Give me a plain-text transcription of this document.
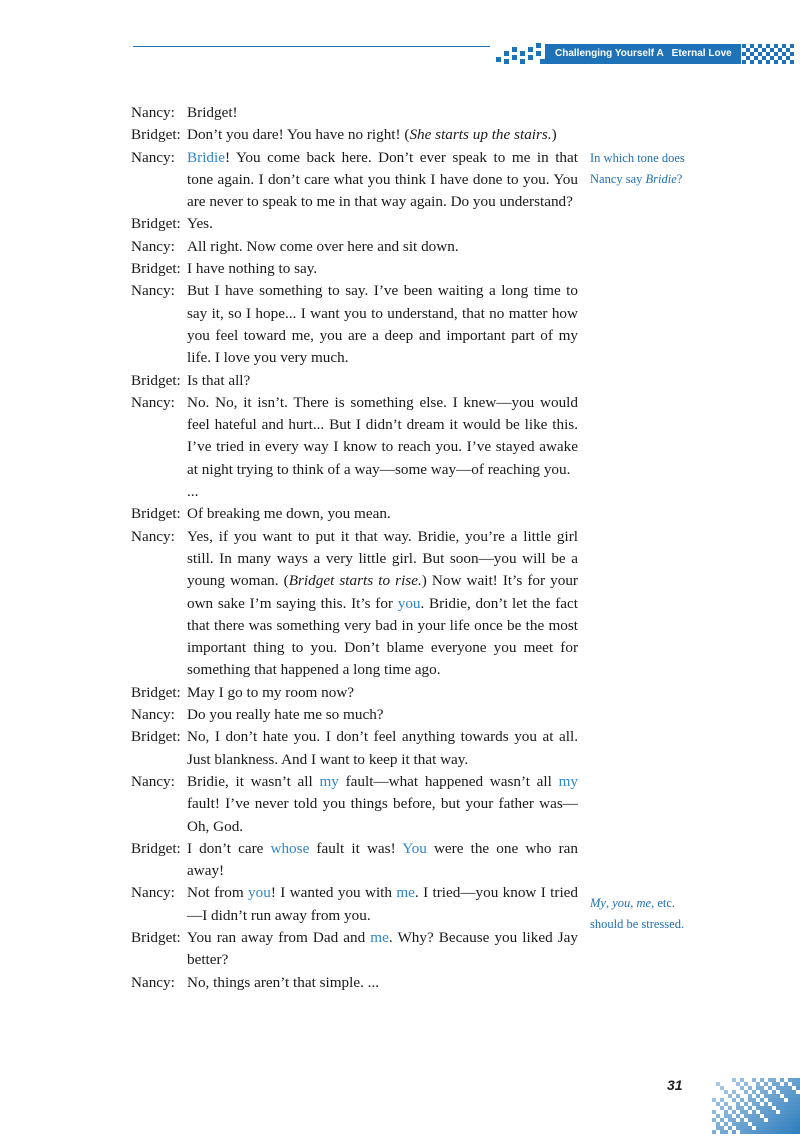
Challenging Yourself A   Eternal Love
Nancy: Bridget!
Bridget: Don’t you dare! You have no right! (She starts up the stairs.)
Nancy: Bridie! You come back here. Don’t ever speak to me in that tone again. I don’t care what you think I have done to you. You are never to speak to me in that way again. Do you understand?
Bridget: Yes.
Nancy: All right. Now come over here and sit down.
Bridget: I have nothing to say.
Nancy: But I have something to say. I’ve been waiting a long time to say it, so I hope... I want you to understand, that no matter how you feel toward me, you are a deep and important part of my life. I love you very much.
Bridget: Is that all?
Nancy: No. No, it isn’t. There is something else. I knew—you would feel hateful and hurt... But I didn’t dream it would be like this. I’ve tried in every way I know to reach you. I’ve stayed awake at night trying to think of a way—some way—of reaching you.
...
Bridget: Of breaking me down, you mean.
Nancy: Yes, if you want to put it that way. Bridie, you’re a little girl still. In many ways a very little girl. But soon—you will be a young woman. (Bridget starts to rise.) Now wait! It’s for your own sake I’m saying this. It’s for you. Bridie, don’t let the fact that there was something very bad in your life once be the most important thing to you. Don’t blame everyone you meet for something that happened a long time ago.
Bridget: May I go to my room now?
Nancy: Do you really hate me so much?
Bridget: No, I don’t hate you. I don’t feel anything towards you at all. Just blankness. And I want to keep it that way.
Nancy: Bridie, it wasn’t all my fault—what happened wasn’t all my fault! I’ve never told you things before, but your father was—Oh, God.
Bridget: I don’t care whose fault it was! You were the one who ran away!
Nancy: Not from you! I wanted you with me. I tried—you know I tried—I didn’t run away from you.
Bridget: You ran away from Dad and me. Why? Because you liked Jay better?
Nancy: No, things aren’t that simple. ...
In which tone does Nancy say Bridie?
My, you, me, etc. should be stressed.
31
